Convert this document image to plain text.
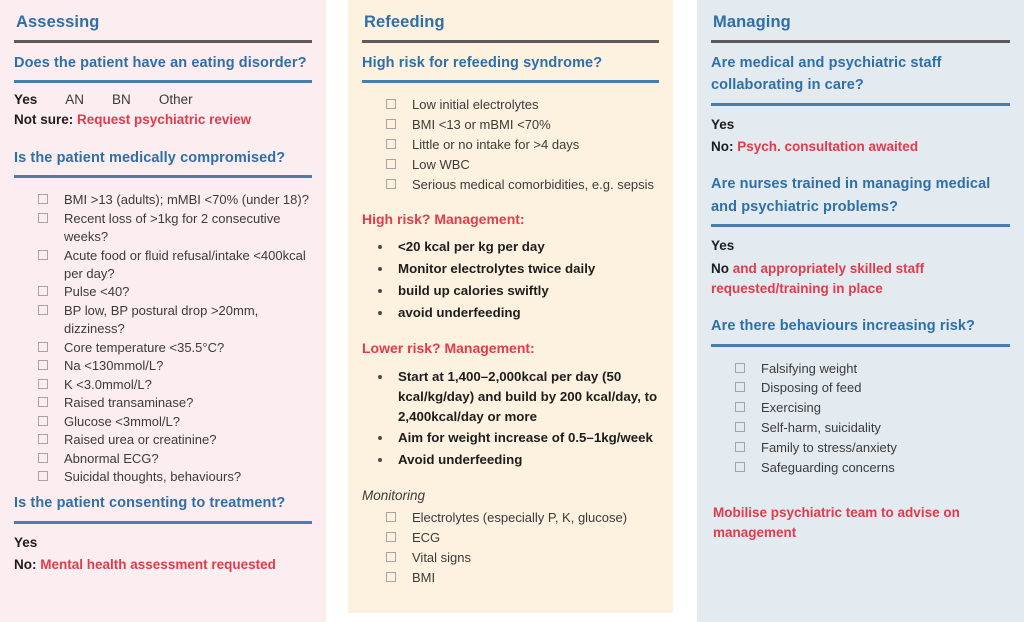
Assessing
Does the patient have an eating disorder?
Yes AN BN Other
Not sure: Request psychiatric review
Is the patient medically compromised?
BMI >13 (adults); mMBI <70% (under 18)?
Recent loss of >1kg for 2 consecutive weeks?
Acute food or fluid refusal/intake <400kcal per day?
Pulse <40?
BP low, BP postural drop >20mm, dizziness?
Core temperature <35.5°C?
Na <130mmol/L?
K <3.0mmol/L?
Raised transaminase?
Glucose <3mmol/L?
Raised urea or creatinine?
Abnormal ECG?
Suicidal thoughts, behaviours?
Is the patient consenting to treatment?
Yes
No: Mental health assessment requested
Refeeding
High risk for refeeding syndrome?
Low initial electrolytes
BMI <13 or mBMI <70%
Little or no intake for >4 days
Low WBC
Serious medical comorbidities, e.g. sepsis
High risk? Management:
<20 kcal per kg per day
Monitor electrolytes twice daily
build up calories swiftly
avoid underfeeding
Lower risk? Management:
Start at 1,400–2,000kcal per day (50 kcal/kg/day) and build by 200 kcal/day, to 2,400kcal/day or more
Aim for weight increase of 0.5–1kg/week
Avoid underfeeding
Monitoring
Electrolytes (especially P, K, glucose)
ECG
Vital signs
BMI
Managing
Are medical and psychiatric staff collaborating in care?
Yes
No: Psych. consultation awaited
Are nurses trained in managing medical and psychiatric problems?
Yes
No and appropriately skilled staff requested/training in place
Are there behaviours increasing risk?
Falsifying weight
Disposing of feed
Exercising
Self-harm, suicidality
Family to stress/anxiety
Safeguarding concerns
Mobilise psychiatric team to advise on management
